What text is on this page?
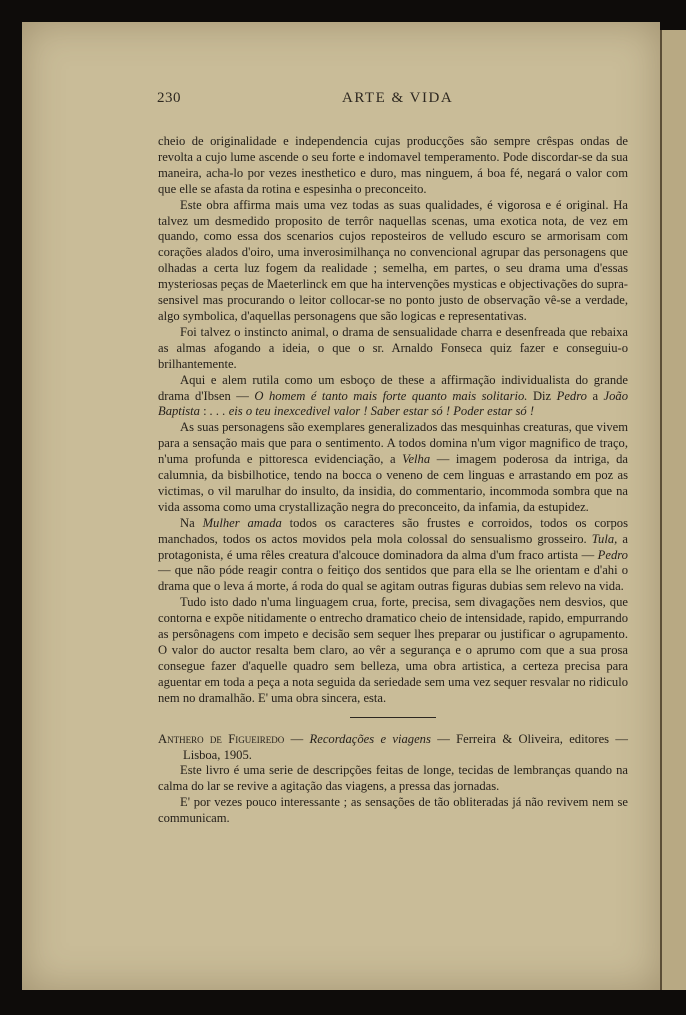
230	ARTE & VIDA

cheio de originalidade e independencia cujas producções são sempre crêspas ondas de revolta a cujo lume ascende o seu forte e indomavel temperamento. Pode discordar-se da sua maneira, acha-lo por vezes inesthetico e duro, mas ninguem, á boa fé, negará o valor com que elle se afasta da rotina e espesinha o preconceito.

Este obra affirma mais uma vez todas as suas qualidades, é vigorosa e é original. Ha talvez um desmedido proposito de terrôr naquellas scenas, uma exotica nota, de vez em quando, como essa dos scenarios cujos reposteiros de velludo escuro se armorisam com corações alados d'oiro, uma inverosimilhança no convencional agrupar das personagens que olhadas a certa luz fogem da realidade ; semelha, em partes, o seu drama uma d'essas mysteriosas peças de Maeterlinck em que ha intervenções mysticas e objectivações do supra-sensivel mas procurando o leitor collocar-se no ponto justo de observação vê-se a verdade, algo symbolica, d'aquellas personagens que são logicas e representativas.

Foi talvez o instincto animal, o drama de sensualidade charra e desenfreada que rebaixa as almas afogando a ideia, o que o sr. Arnaldo Fonseca quiz fazer e conseguiu-o brilhantemente.

Aqui e alem rutila como um esboço de these a affirmação individualista do grande drama d'Ibsen — O homem é tanto mais forte quanto mais solitario. Diz Pedro a João Baptista : . . . eis o teu inexcedivel valor ! Saber estar só ! Poder estar só !

As suas personagens são exemplares generalizados das mesquinhas creaturas, que vivem para a sensação mais que para o sentimento. A todos domina n'um vigor magnifico de traço, n'uma profunda e pittoresca evidenciação, a Velha — imagem poderosa da intriga, da calumnia, da bisbilhotice, tendo na bocca o veneno de cem linguas e arrastando em poz as victimas, o vil marulhar do insulto, da insidia, do commentario, incommoda sombra que na vida assoma como uma crystallização negra do preconceito, da infamia, da estupidez.

Na Mulher amada todos os caracteres são frustes e corroidos, todos os corpos manchados, todos os actos movidos pela mola colossal do sensualismo grosseiro. Tula, a protagonista, é uma rêles creatura d'alcouce dominadora da alma d'um fraco artista — Pedro — que não póde reagir contra o feitiço dos sentidos que para ella se lhe orientam e d'ahi o drama que o leva á morte, á roda do qual se agitam outras figuras dubias sem relevo na vida.

Tudo isto dado n'uma linguagem crua, forte, precisa, sem divagações nem desvios, que contorna e expõe nitidamente o entrecho dramatico cheio de intensidade, rapido, empurrando as persônagens com impeto e decisão sem sequer lhes preparar ou justificar o agrupamento. O valor do auctor resalta bem claro, ao vêr a segurança e o aprumo com que a sua prosa consegue fazer d'aquelle quadro sem belleza, uma obra artistica, a certeza precisa para aguentar em toda a peça a nota seguida da seriedade sem uma vez sequer resvalar no ridiculo nem no dramalhão. E' uma obra sincera, esta.

Anthero de Figueiredo — Recordações e viagens — Ferreira & Oliveira, editores — Lisboa, 1905.

Este livro é uma serie de descripções feitas de longe, tecidas de lembranças quando na calma do lar se revive a agitação das viagens, a pressa das jornadas.

E' por vezes pouco interessante ; as sensações de tão obliteradas já não revivem nem se communicam.
